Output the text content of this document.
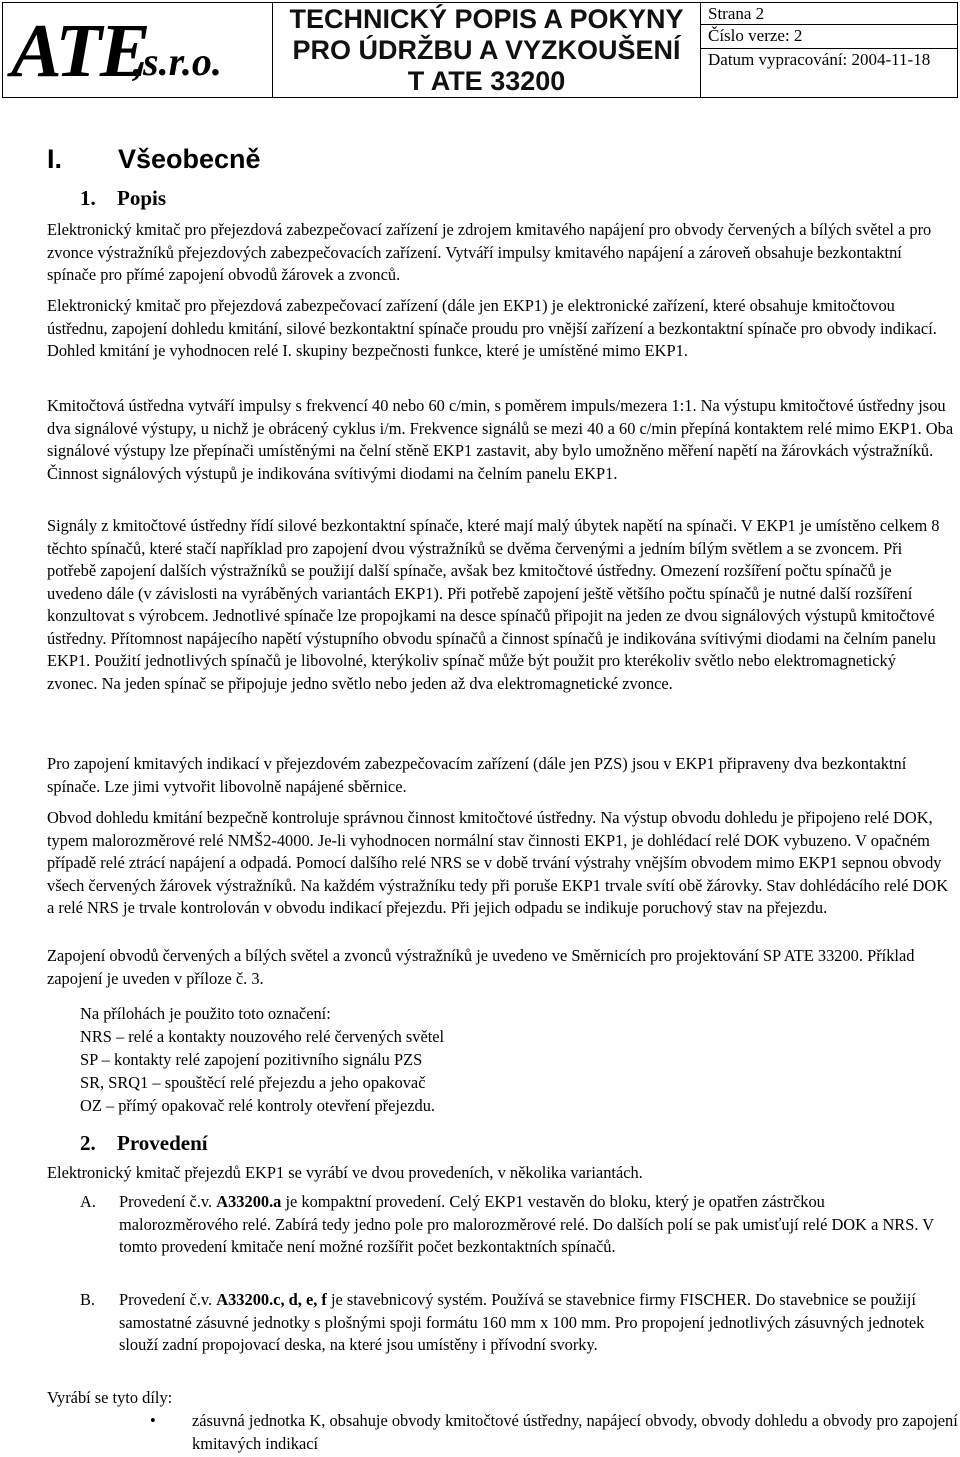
ATE
,s.r.o.
TECHNICKÝ POPIS A POKYNY
PRO ÚDRŽBU A VYZKOUŠENÍ
T ATE 33200
Strana 2
Číslo verze: 2
Datum vypracování: 2004-11-18
I. Všeobecně
1. Popis
Elektronický kmitač pro přejezdová zabezpečovací zařízení je zdrojem kmitavého napájení pro obvody červených a bílých světel a pro zvonce výstražníků přejezdových zabezpečovacích zařízení. Vytváří impulsy kmitavého napájení a zároveň obsahuje bezkontaktní spínače pro přímé zapojení obvodů žárovek a zvonců.
Elektronický kmitač pro přejezdová zabezpečovací zařízení (dále jen EKP1) je elektronické zařízení, které obsahuje kmitočtovou ústřednu, zapojení dohledu kmitání, silové bezkontaktní spínače proudu pro vnější zařízení a bezkontaktní spínače pro obvody indikací. Dohled kmitání je vyhodnocen relé I. skupiny bezpečnosti funkce, které je umístěné mimo EKP1.
Kmitočtová ústředna vytváří impulsy s frekvencí 40 nebo 60 c/min, s poměrem impuls/mezera 1:1. Na výstupu kmitočtové ústředny jsou dva signálové výstupy, u nichž je obrácený cyklus i/m. Frekvence signálů se mezi 40 a 60 c/min přepíná kontaktem relé mimo EKP1. Oba signálové výstupy lze přepínači umístěnými na čelní stěně EKP1 zastavit, aby bylo umožněno měření napětí na žárovkách výstražníků. Činnost signálových výstupů je indikována svítivými diodami na čelním panelu EKP1.
Signály z kmitočtové ústředny řídí silové bezkontaktní spínače, které mají malý úbytek napětí na spínači. V EKP1 je umístěno celkem 8 těchto spínačů, které stačí například pro zapojení dvou výstražníků se dvěma červenými a jedním bílým světlem a se zvoncem. Při potřebě zapojení dalších výstražníků se použijí další spínače, avšak bez kmitočtové ústředny. Omezení rozšíření počtu spínačů je uvedeno dále (v závislosti na vyráběných variantách EKP1). Při potřebě zapojení ještě většího počtu spínačů je nutné další rozšíření konzultovat s výrobcem. Jednotlivé spínače lze propojkami na desce spínačů připojit na jeden ze dvou signálových výstupů kmitočtové ústředny. Přítomnost napájecího napětí výstupního obvodu spínačů a činnost spínačů je indikována svítivými diodami na čelním panelu EKP1. Použití jednotlivých spínačů je libovolné, kterýkoliv spínač může být použit pro kterékoliv světlo nebo elektromagnetický zvonec. Na jeden spínač se připojuje jedno světlo nebo jeden až dva elektromagnetické zvonce.
Pro zapojení kmitavých indikací v přejezdovém zabezpečovacím zařízení (dále jen PZS) jsou v EKP1 připraveny dva bezkontaktní spínače. Lze jimi vytvořit libovolně napájené sběrnice.
Obvod dohledu kmitání bezpečně kontroluje správnou činnost kmitočtové ústředny. Na výstup obvodu dohledu je připojeno relé DOK, typem malorozměrové relé NMŠ2-4000. Je-li vyhodnocen normální stav činnosti EKP1, je dohlédací relé DOK vybuzeno. V opačném případě relé ztrácí napájení a odpadá. Pomocí dalšího relé NRS se v době trvání výstrahy vnějším obvodem mimo EKP1 sepnou obvody všech červených žárovek výstražníků. Na každém výstražníku tedy při poruše EKP1 trvale svítí obě žárovky. Stav dohlédácího relé DOK a relé NRS je trvale kontrolován v obvodu indikací přejezdu. Při jejich odpadu se indikuje poruchový stav na přejezdu.
Zapojení obvodů červených a bílých světel a zvonců výstražníků je uvedeno ve Směrnicích pro projektování SP ATE 33200. Příklad zapojení je uveden v příloze č. 3.
Na přílohách je použito toto označení:
NRS – relé a kontakty nouzového relé červených světel
SP – kontakty relé zapojení pozitivního signálu PZS
SR, SRQ1 – spouštěcí relé přejezdu a jeho opakovač
OZ – přímý opakovač relé kontroly otevření přejezdu.
2. Provedení
Elektronický kmitač přejezdů EKP1 se vyrábí ve dvou provedeních, v několika variantách.
A. Provedení č.v. A33200.a je kompaktní provedení. Celý EKP1 vestavěn do bloku, který je opatřen zástrčkou malorozměrového relé. Zabírá tedy jedno pole pro malorozměrové relé. Do dalších polí se pak umisťují relé DOK a NRS. V tomto provedení kmitače není možné rozšířit počet bezkontaktních spínačů.
B. Provedení č.v. A33200.c, d, e, f je stavebnicový systém. Používá se stavebnice firmy FISCHER. Do stavebnice se použijí samostatné zásuvné jednotky s plošnými spoji formátu 160 mm x 100 mm. Pro propojení jednotlivých zásuvných jednotek slouží zadní propojovací deska, na které jsou umístěny i přívodní svorky.
Vyrábí se tyto díly:
• zásuvná jednotka K, obsahuje obvody kmitočtové ústředny, napájecí obvody, obvody dohledu a obvody pro zapojení kmitavých indikací
